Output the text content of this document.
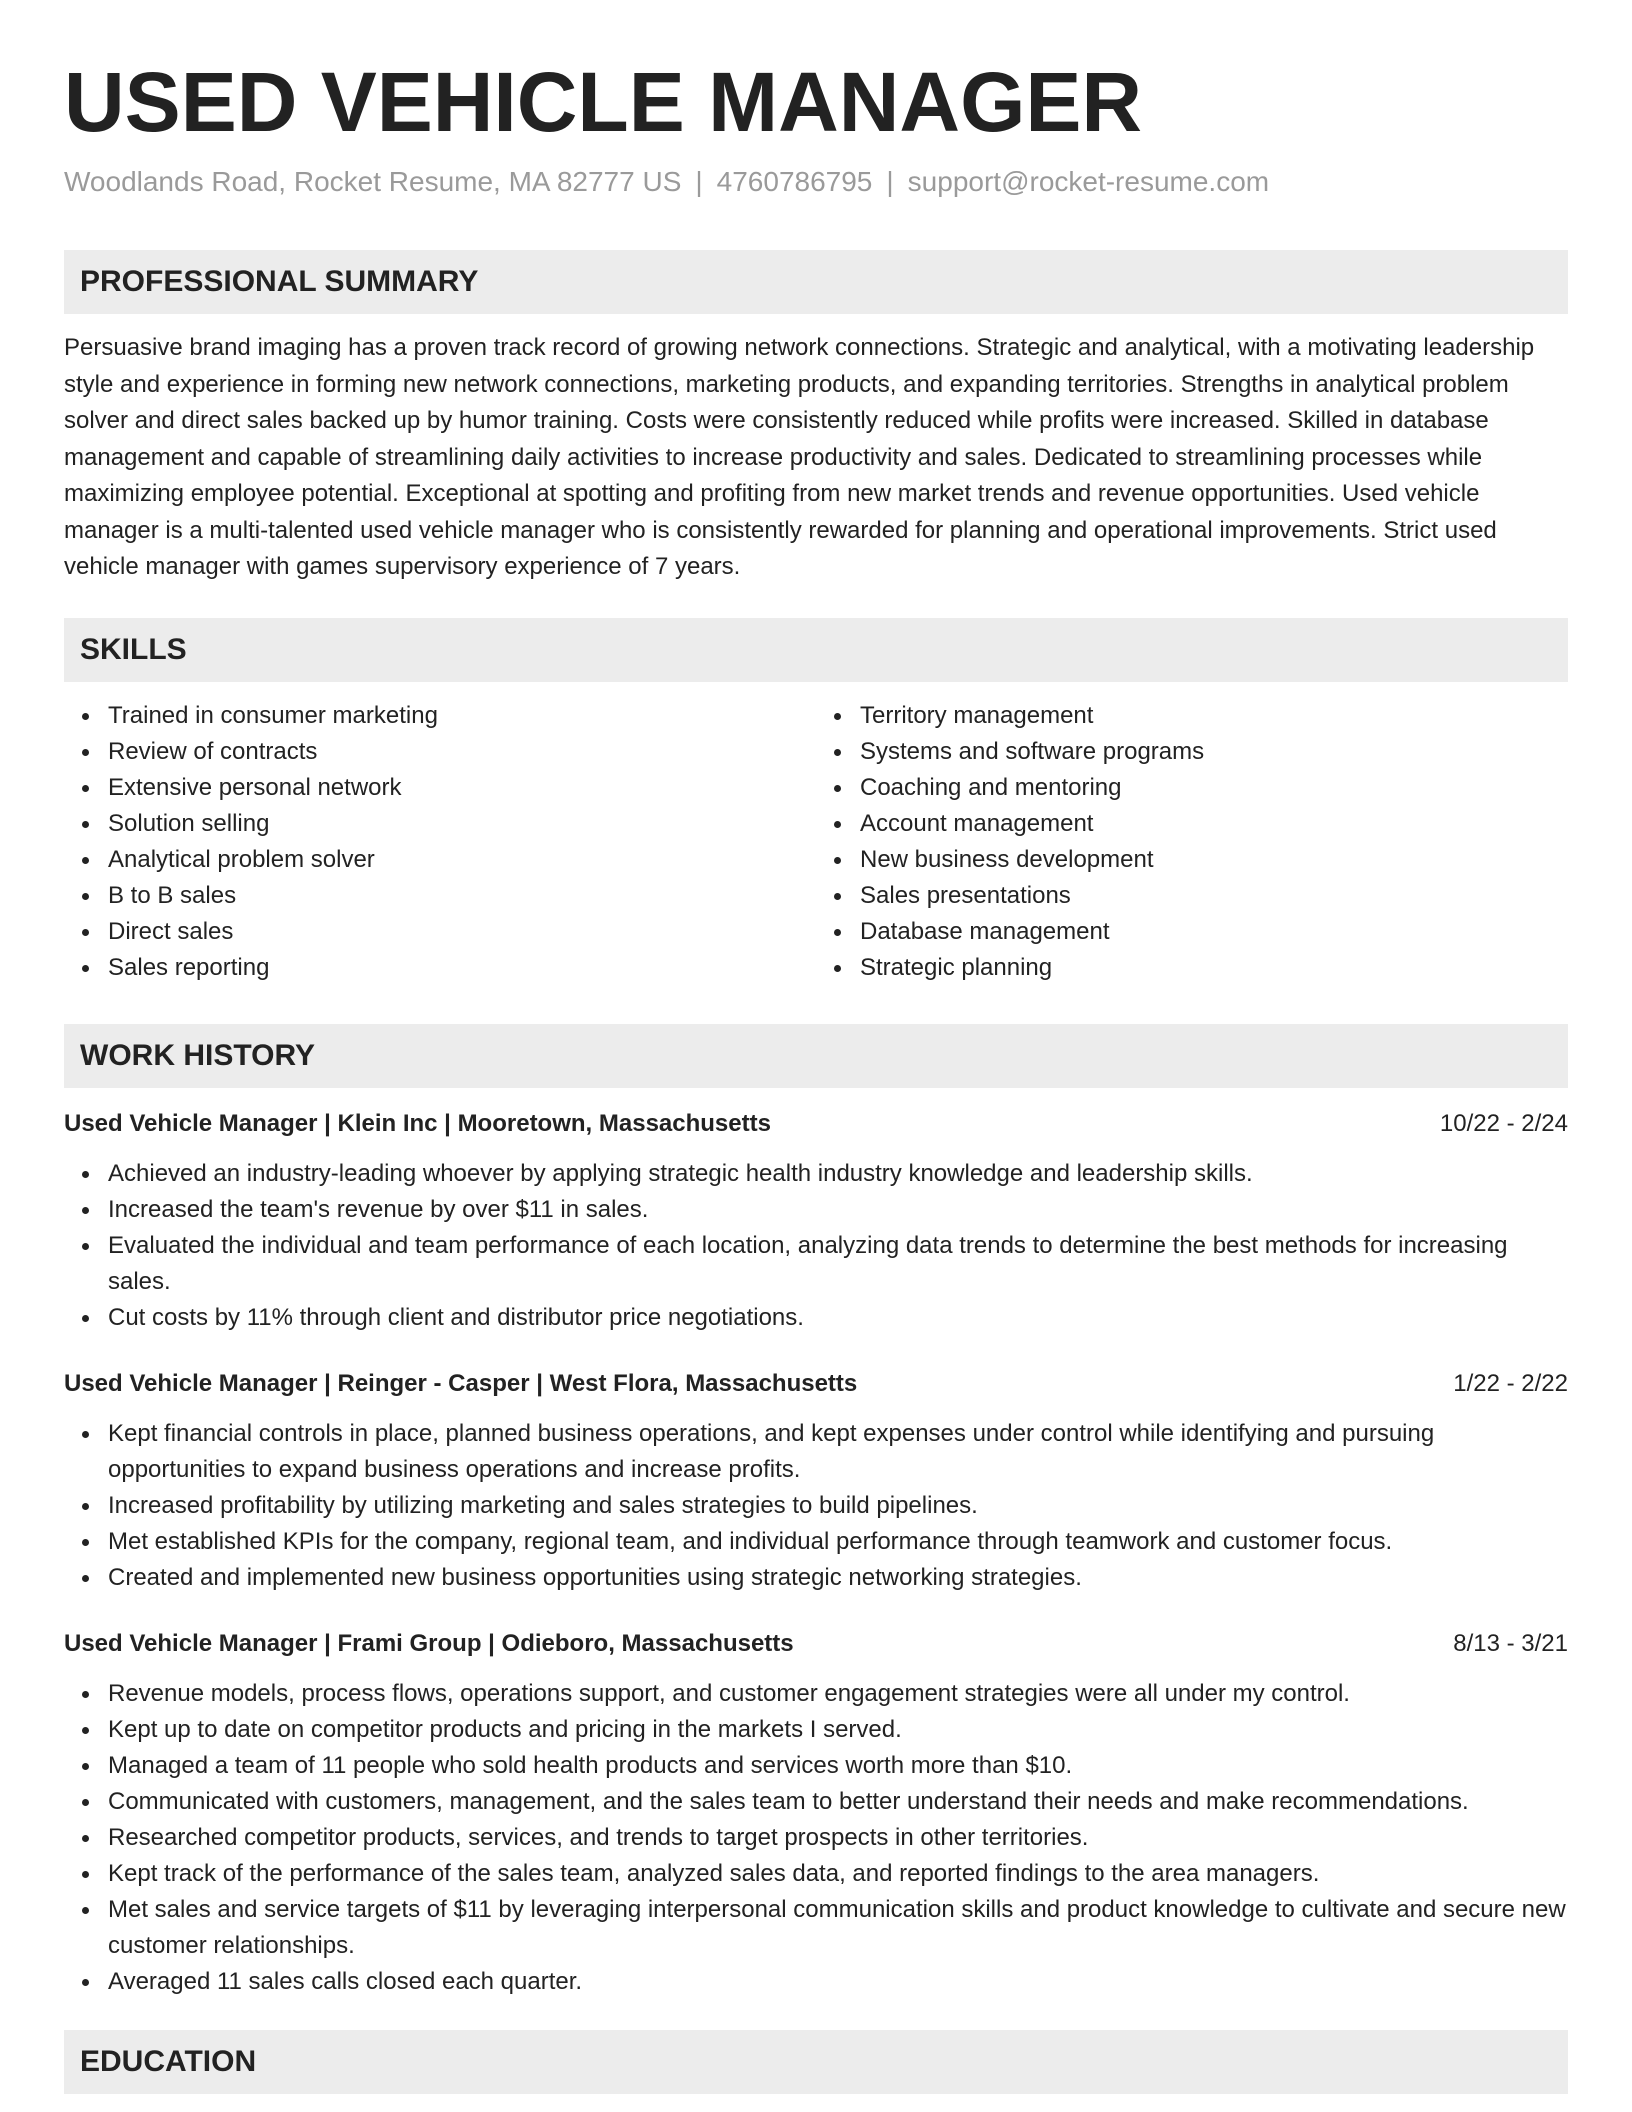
USED VEHICLE MANAGER
Woodlands Road, Rocket Resume, MA 82777 US | 4760786795 | support@rocket-resume.com
PROFESSIONAL SUMMARY

Persuasive brand imaging has a proven track record of growing network connections. Strategic and analytical, with a motivating leadership style and experience in forming new network connections, marketing products, and expanding territories. Strengths in analytical problem solver and direct sales backed up by humor training. Costs were consistently reduced while profits were increased. Skilled in database management and capable of streamlining daily activities to increase productivity and sales. Dedicated to streamlining processes while maximizing employee potential. Exceptional at spotting and profiting from new market trends and revenue opportunities. Used vehicle manager is a multi-talented used vehicle manager who is consistently rewarded for planning and operational improvements. Strict used vehicle manager with games supervisory experience of 7 years.

SKILLS
Trained in consumer marketing
Review of contracts
Extensive personal network
Solution selling
Analytical problem solver
B to B sales
Direct sales
Sales reporting
Territory management
Systems and software programs
Coaching and mentoring
Account management
New business development
Sales presentations
Database management
Strategic planning
WORK HISTORY
Used Vehicle Manager | Klein Inc | Mooretown, Massachusetts	10/22 - 2/24
Achieved an industry-leading whoever by applying strategic health industry knowledge and leadership skills.
Increased the team's revenue by over $11 in sales.
Evaluated the individual and team performance of each location, analyzing data trends to determine the best methods for increasing sales.
Cut costs by 11% through client and distributor price negotiations.
Used Vehicle Manager | Reinger - Casper | West Flora, Massachusetts	1/22 - 2/22
Kept financial controls in place, planned business operations, and kept expenses under control while identifying and pursuing opportunities to expand business operations and increase profits.
Increased profitability by utilizing marketing and sales strategies to build pipelines.
Met established KPIs for the company, regional team, and individual performance through teamwork and customer focus.
Created and implemented new business opportunities using strategic networking strategies.
Used Vehicle Manager | Frami Group | Odieboro, Massachusetts	8/13 - 3/21
Revenue models, process flows, operations support, and customer engagement strategies were all under my control.
Kept up to date on competitor products and pricing in the markets I served.
Managed a team of 11 people who sold health products and services worth more than $10.
Communicated with customers, management, and the sales team to better understand their needs and make recommendations.
Researched competitor products, services, and trends to target prospects in other territories.
Kept track of the performance of the sales team, analyzed sales data, and reported findings to the area managers.
Met sales and service targets of $11 by leveraging interpersonal communication skills and product knowledge to cultivate and secure new customer relationships.
Averaged 11 sales calls closed each quarter.
EDUCATION
